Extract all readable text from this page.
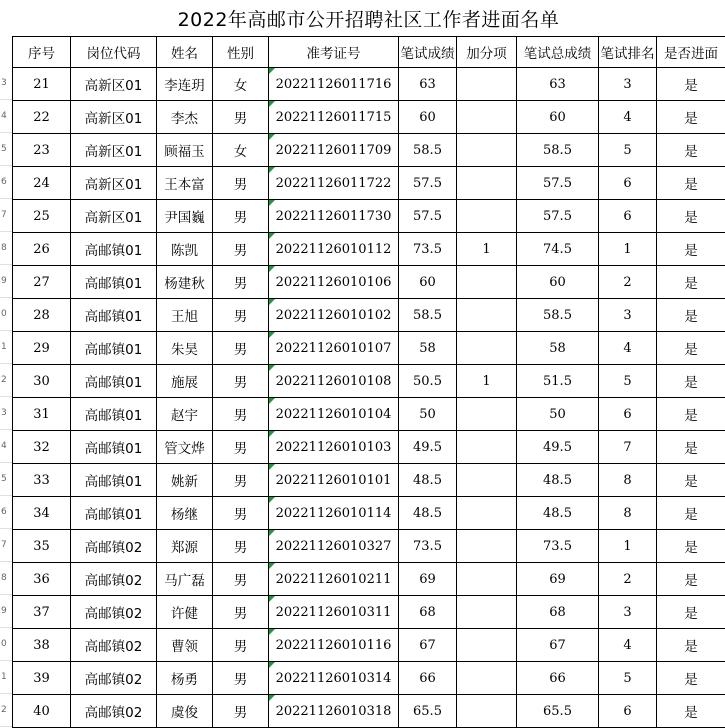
2022年高邮市公开招聘社区工作者进面名单
3
4
5
6
7
8
9
0
1
2
3
4
5
6
7
8
9
0
1
2
序号	岗位代码	姓名	性别	准考证号	笔试成绩	加分项	笔试总成绩	笔试排名	是否进面
21	高新区01	李连玥	女	20221126011716	63		63	3	是
22	高新区01	李杰	男	20221126011715	60		60	4	是
23	高新区01	顾福玉	女	20221126011709	58.5		58.5	5	是
24	高新区01	王本富	男	20221126011722	57.5		57.5	6	是
25	高新区01	尹国巍	男	20221126011730	57.5		57.5	6	是
26	高邮镇01	陈凯	男	20221126010112	73.5	1	74.5	1	是
27	高邮镇01	杨建秋	男	20221126010106	60		60	2	是
28	高邮镇01	王旭	男	20221126010102	58.5		58.5	3	是
29	高邮镇01	朱昊	男	20221126010107	58		58	4	是
30	高邮镇01	施展	男	20221126010108	50.5	1	51.5	5	是
31	高邮镇01	赵宇	男	20221126010104	50		50	6	是
32	高邮镇01	管文烨	男	20221126010103	49.5		49.5	7	是
33	高邮镇01	姚新	男	20221126010101	48.5		48.5	8	是
34	高邮镇01	杨继	男	20221126010114	48.5		48.5	8	是
35	高邮镇02	郑源	男	20221126010327	73.5		73.5	1	是
36	高邮镇02	马广磊	男	20221126010211	69		69	2	是
37	高邮镇02	许健	男	20221126010311	68		68	3	是
38	高邮镇02	曹领	男	20221126010116	67		67	4	是
39	高邮镇02	杨勇	男	20221126010314	66		66	5	是
40	高邮镇02	虞俊	男	20221126010318	65.5		65.5	6	是
